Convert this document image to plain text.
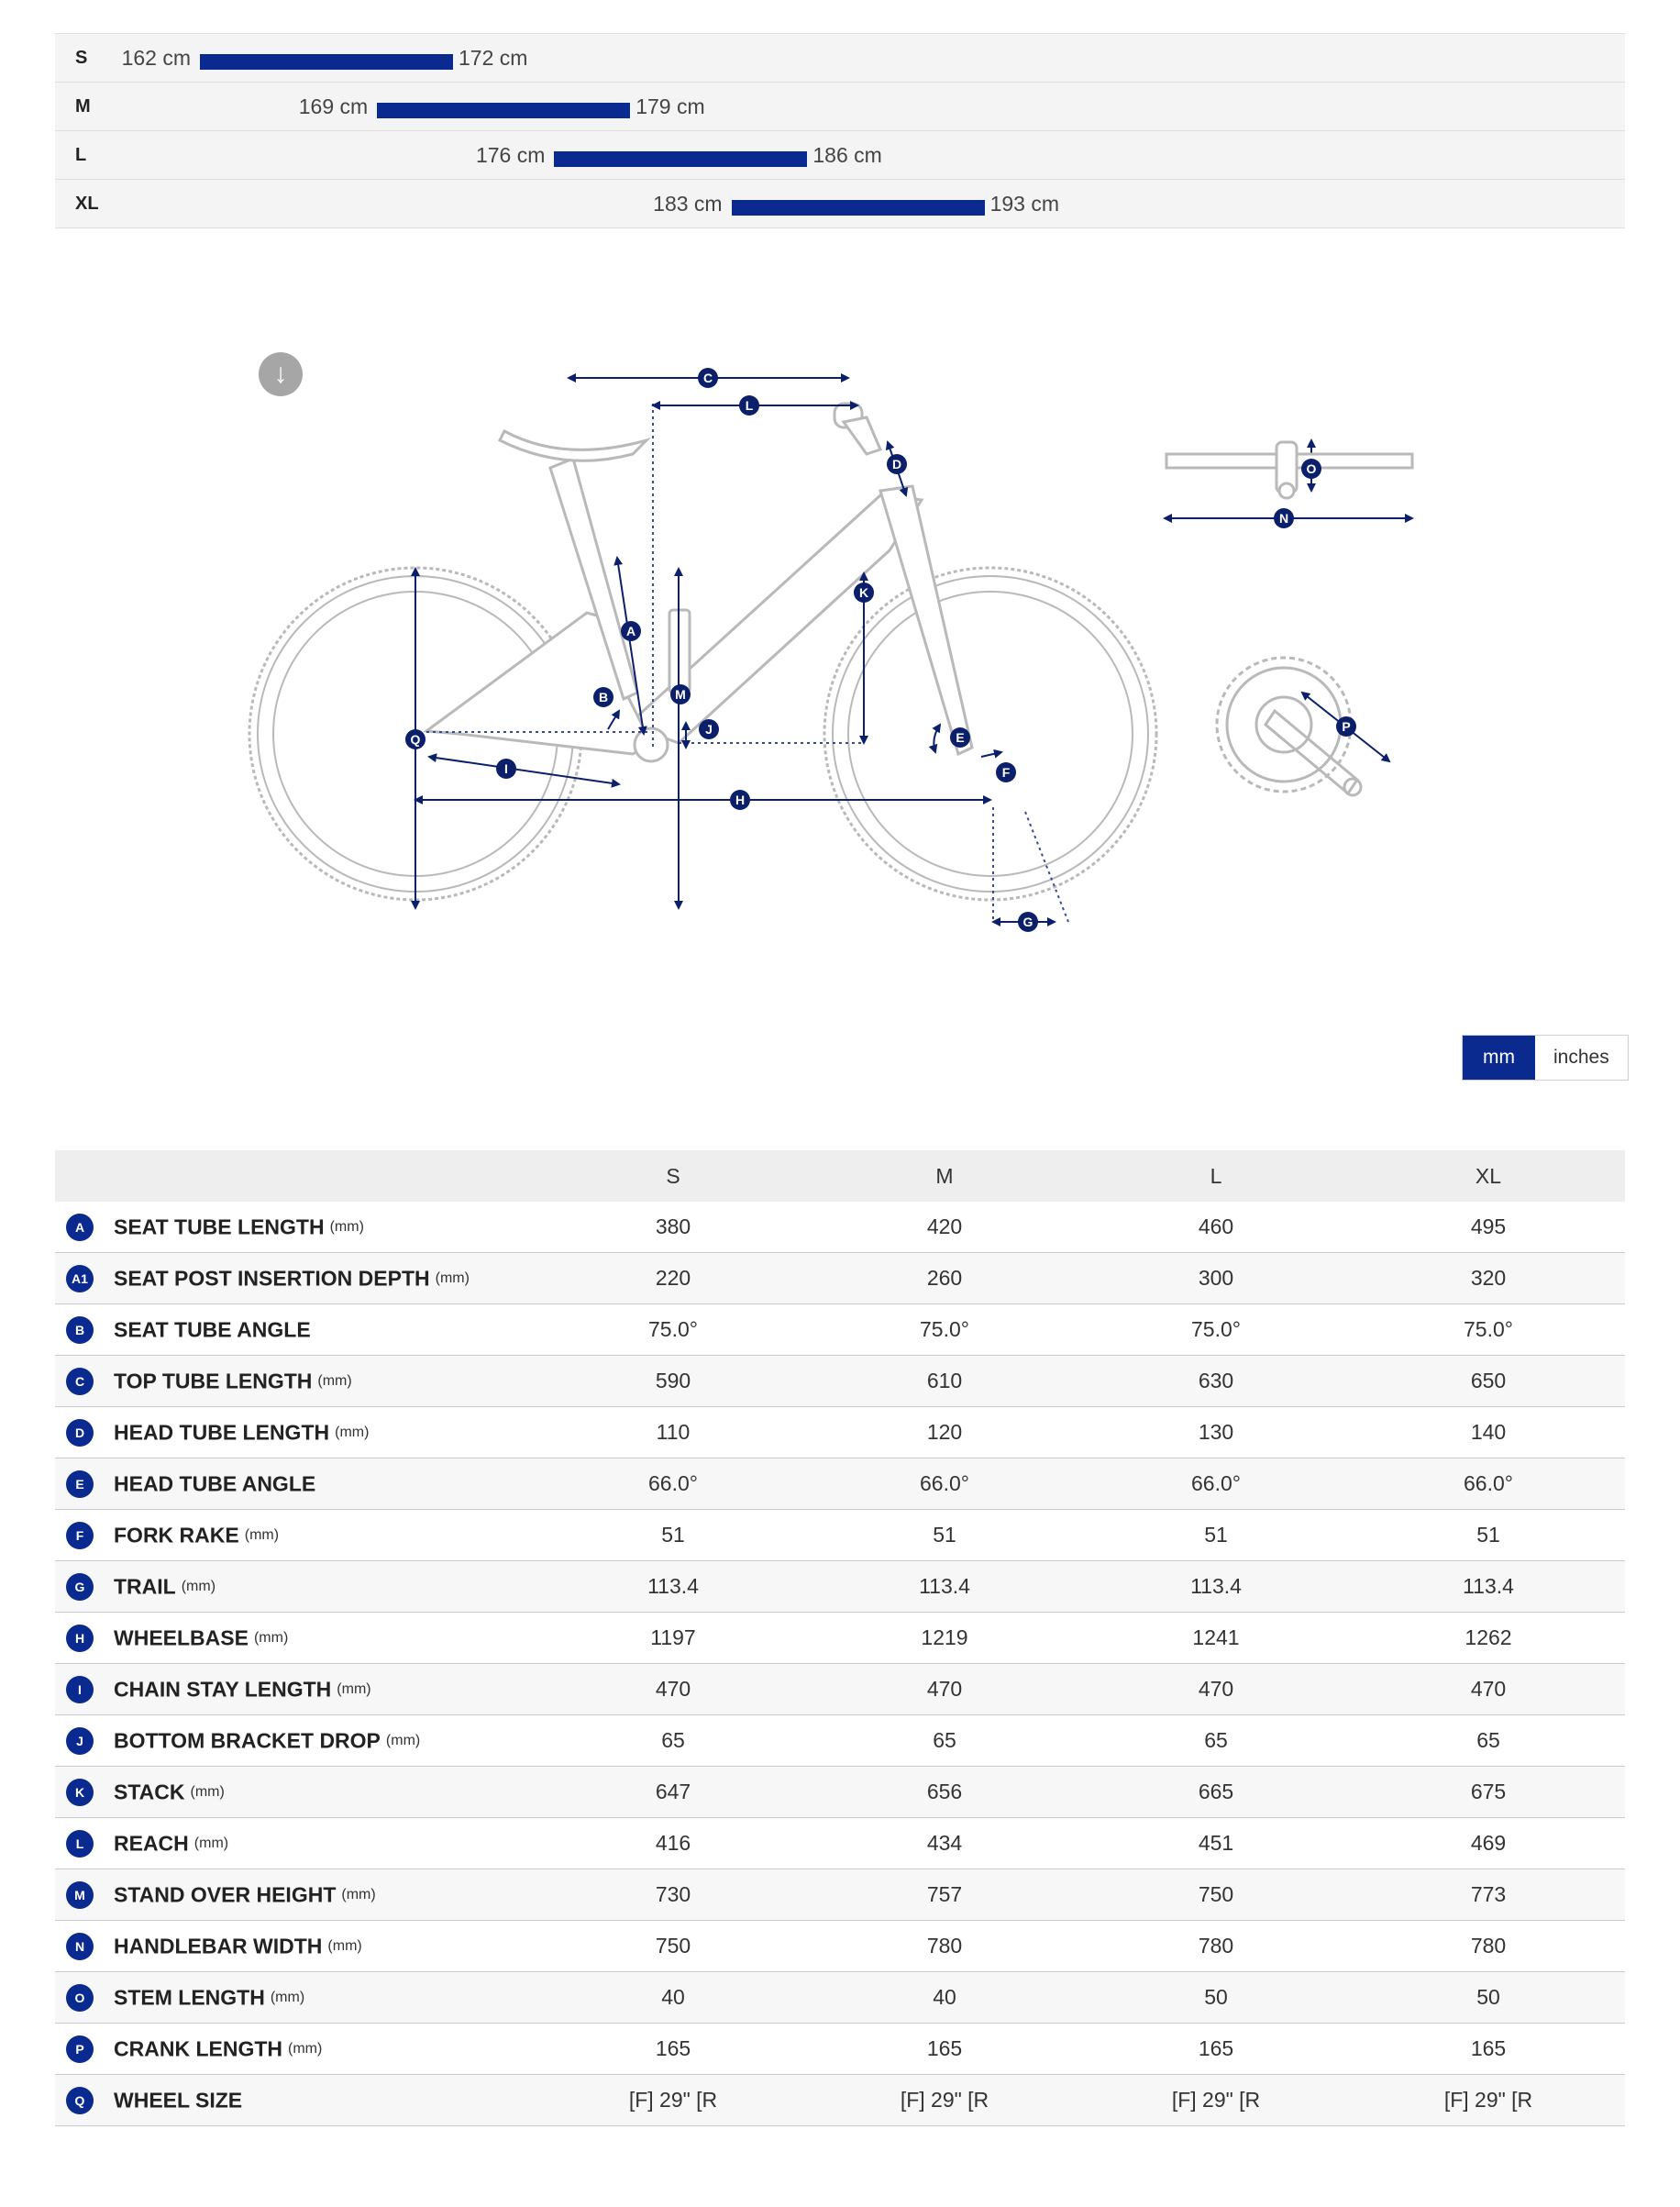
S	162 cm	172 cm
M	169 cm	179 cm
L	176 cm	186 cm
XL	183 cm	193 cm
↓	C
L
D
K
A
B	M
J
Q
I
H
E
F
G
O
N
P
mm	inches
	S	M	L	XL
A SEAT TUBE LENGTH (mm)	380	420	460	495
A1 SEAT POST INSERTION DEPTH (mm)	220	260	300	320
B SEAT TUBE ANGLE	75.0°	75.0°	75.0°	75.0°
C TOP TUBE LENGTH (mm)	590	610	630	650
D HEAD TUBE LENGTH (mm)	110	120	130	140
E HEAD TUBE ANGLE	66.0°	66.0°	66.0°	66.0°
F FORK RAKE (mm)	51	51	51	51
G TRAIL (mm)	113.4	113.4	113.4	113.4
H WHEELBASE (mm)	1197	1219	1241	1262
I CHAIN STAY LENGTH (mm)	470	470	470	470
J BOTTOM BRACKET DROP (mm)	65	65	65	65
K STACK (mm)	647	656	665	675
L REACH (mm)	416	434	451	469
M STAND OVER HEIGHT (mm)	730	757	750	773
N HANDLEBAR WIDTH (mm)	750	780	780	780
O STEM LENGTH (mm)	40	40	50	50
P CRANK LENGTH (mm)	165	165	165	165
Q WHEEL SIZE	[F] 29" [R	[F] 29" [R	[F] 29" [R	[F] 29" [R
